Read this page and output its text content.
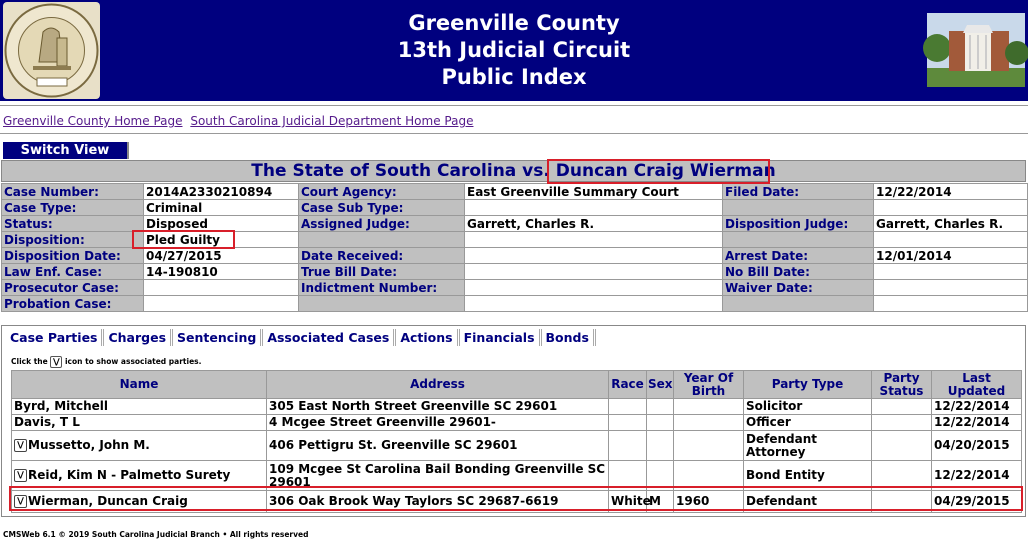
Greenville County
13th Judicial Circuit
Public Index
Greenville County Home Page South Carolina Judicial Department Home Page
Switch View
The State of South Carolina vs. Duncan Craig Wierman
Case Number:	2014A2330210894	Court Agency:	East Greenville Summary Court	Filed Date:	12/22/2014
Case Type:	Criminal	Case Sub Type:			
Status:	Disposed	Assigned Judge:	Garrett, Charles R.	Disposition Judge:	Garrett, Charles R.
Disposition:	Pled Guilty				
Disposition Date:	04/27/2015	Date Received:		Arrest Date:	12/01/2014
Law Enf. Case:	14-190810	True Bill Date:		No Bill Date:	
Prosecutor Case:		Indictment Number:		Waiver Date:	
Probation Case:					
Case Parties Charges Sentencing Associated Cases Actions Financials Bonds
Click the ⋁ icon to show associated parties.
Name	Address	Race	Sex	Year Of Birth	Party Type	Party Status	Last Updated
Byrd, Mitchell	305 East North Street Greenville SC 29601				Solicitor		12/22/2014
Davis, T L	4 Mcgee Street Greenville 29601-				Officer		12/22/2014
⋁ Mussetto, John M.	406 Pettigru St. Greenville SC 29601				Defendant Attorney		04/20/2015
⋁ Reid, Kim N - Palmetto Surety	109 Mcgee St Carolina Bail Bonding Greenville SC 29601				Bond Entity		12/22/2014
⋁ Wierman, Duncan Craig	306 Oak Brook Way Taylors SC 29687-6619	White	M	1960	Defendant		04/29/2015
CMSWeb 6.1 © 2019 South Carolina Judicial Branch • All rights reserved
